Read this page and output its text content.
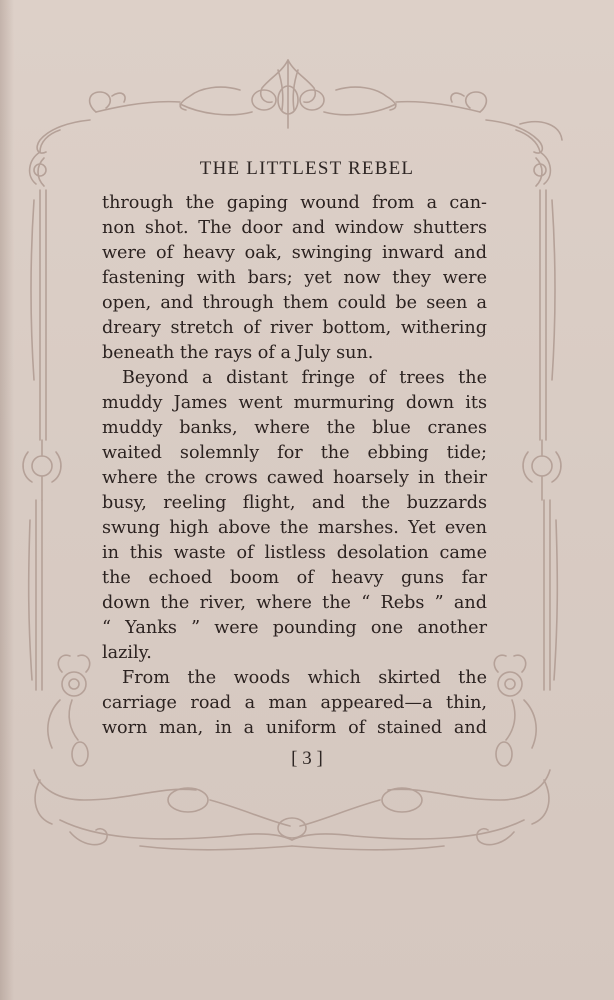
THE LITTLEST REBEL
through the gaping wound from a can-
non shot. The door and window shutters
were of heavy oak, swinging inward and
fastening with bars; yet now they were
open, and through them could be seen a
dreary stretch of river bottom, withering
beneath the rays of a July sun.
Beyond a distant fringe of trees the
muddy James went murmuring down its
muddy banks, where the blue cranes
waited solemnly for the ebbing tide;
where the crows cawed hoarsely in their
busy, reeling flight, and the buzzards
swung high above the marshes. Yet even
in this waste of listless desolation came
the echoed boom of heavy guns far
down the river, where the “ Rebs ” and
“ Yanks ” were pounding one another
lazily.
From the woods which skirted the
carriage road a man appeared—a thin,
worn man, in a uniform of stained and
[ 3 ]
